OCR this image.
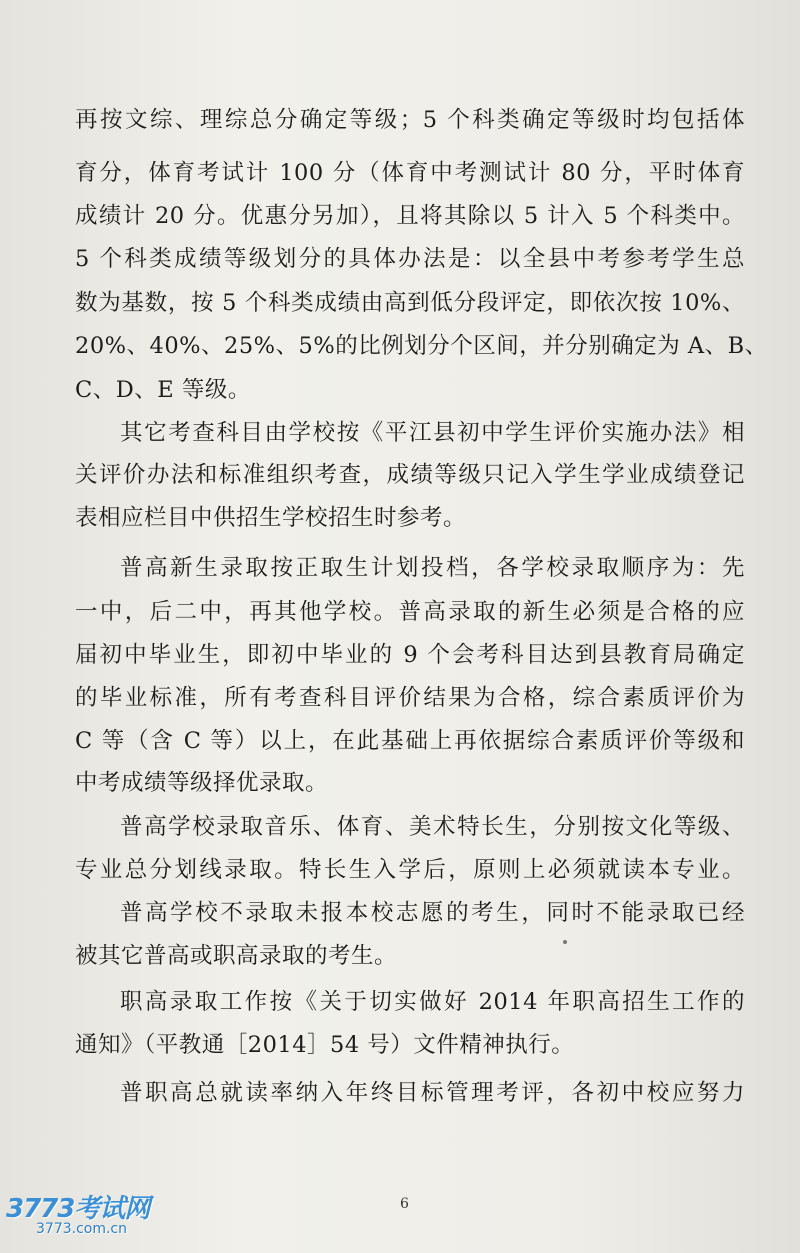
再按文综、理综总分确定等级；5 个科类确定等级时均包括体
育分，体育考试计 100 分（体育中考测试计 80 分，平时体育
成绩计 20 分。优惠分另加），且将其除以 5 计入 5 个科类中。
5 个科类成绩等级划分的具体办法是：以全县中考参考学生总
数为基数，按 5 个科类成绩由高到低分段评定，即依次按 10%、
20%、40%、25%、5%的比例划分个区间，并分别确定为 A、B、
C、D、E 等级。
其它考查科目由学校按《平江县初中学生评价实施办法》相
关评价办法和标准组织考查，成绩等级只记入学生学业成绩登记
表相应栏目中供招生学校招生时参考。
普高新生录取按正取生计划投档，各学校录取顺序为：先
一中，后二中，再其他学校。普高录取的新生必须是合格的应
届初中毕业生，即初中毕业的 9 个会考科目达到县教育局确定
的毕业标准，所有考查科目评价结果为合格，综合素质评价为
C 等（含 C 等）以上，在此基础上再依据综合素质评价等级和
中考成绩等级择优录取。
普高学校录取音乐、体育、美术特长生，分别按文化等级、
专业总分划线录取。特长生入学后，原则上必须就读本专业。
普高学校不录取未报本校志愿的考生，同时不能录取已经
被其它普高或职高录取的考生。
职高录取工作按《关于切实做好 2014 年职高招生工作的
通知》（平教通［2014］54 号）文件精神执行。
普职高总就读率纳入年终目标管理考评，各初中校应努力
6
3773考试网
3773.com.cn
